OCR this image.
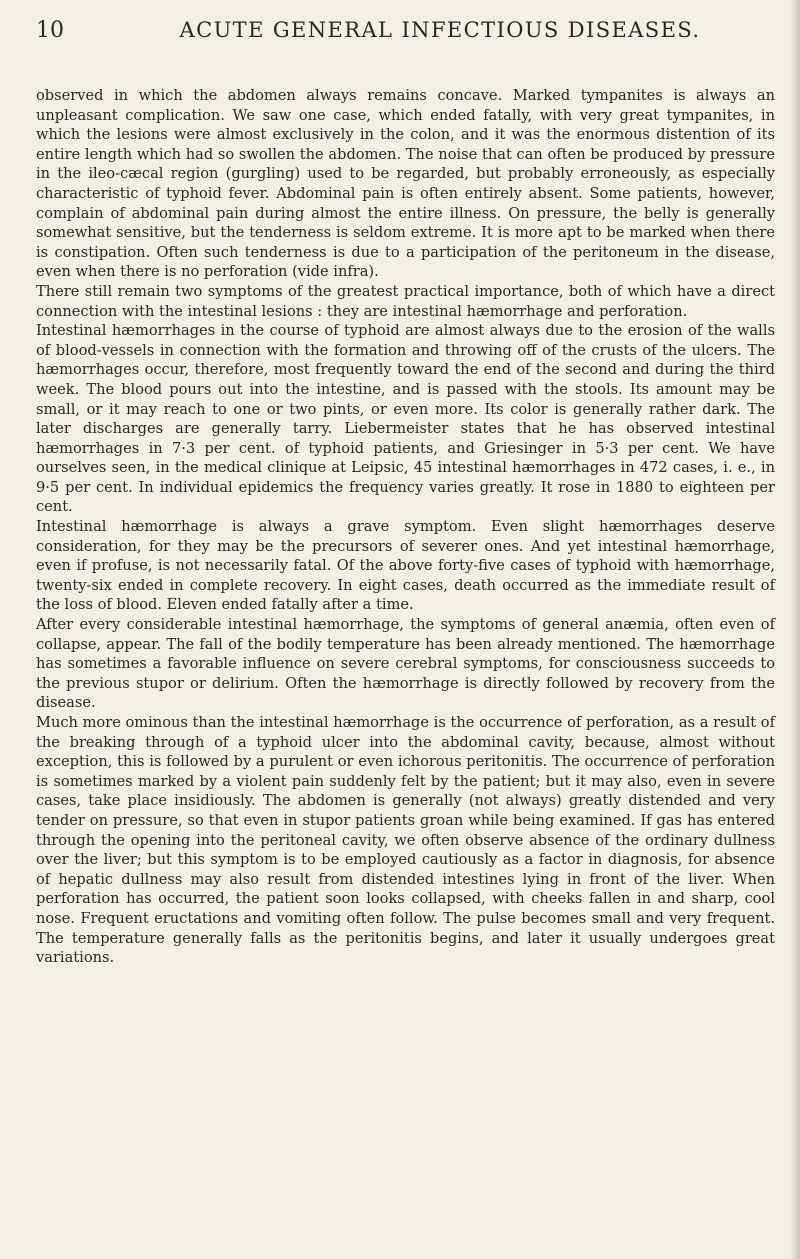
10	ACUTE GENERAL INFECTIOUS DISEASES.

observed in which the abdomen always remains concave. Marked tympanites is always an unpleasant complication. We saw one case, which ended fatally, with very great tympanites, in which the lesions were almost exclusively in the colon, and it was the enormous distention of its entire length which had so swollen the abdomen. The noise that can often be produced by pressure in the ileo-cæcal region (gurgling) used to be regarded, but probably erroneously, as especially characteristic of typhoid fever. Abdominal pain is often entirely absent. Some patients, however, complain of abdominal pain during almost the entire illness. On pressure, the belly is generally somewhat sensitive, but the tenderness is seldom extreme. It is more apt to be marked when there is constipation. Often such tenderness is due to a participation of the peritoneum in the disease, even when there is no perforation (vide infra).

There still remain two symptoms of the greatest practical importance, both of which have a direct connection with the intestinal lesions : they are intestinal hæmorrhage and perforation.

Intestinal hæmorrhages in the course of typhoid are almost always due to the erosion of the walls of blood-vessels in connection with the formation and throwing off of the crusts of the ulcers. The hæmorrhages occur, therefore, most frequently toward the end of the second and during the third week. The blood pours out into the intestine, and is passed with the stools. Its amount may be small, or it may reach to one or two pints, or even more. Its color is generally rather dark. The later discharges are generally tarry. Liebermeister states that he has observed intestinal hæmorrhages in 7·3 per cent. of typhoid patients, and Griesinger in 5·3 per cent. We have ourselves seen, in the medical clinique at Leipsic, 45 intestinal hæmorrhages in 472 cases, i. e., in 9·5 per cent. In individual epidemics the frequency varies greatly. It rose in 1880 to eighteen per cent.

Intestinal hæmorrhage is always a grave symptom. Even slight hæmorrhages deserve consideration, for they may be the precursors of severer ones. And yet intestinal hæmorrhage, even if profuse, is not necessarily fatal. Of the above forty-five cases of typhoid with hæmorrhage, twenty-six ended in complete recovery. In eight cases, death occurred as the immediate result of the loss of blood. Eleven ended fatally after a time.

After every considerable intestinal hæmorrhage, the symptoms of general anæmia, often even of collapse, appear. The fall of the bodily temperature has been already mentioned. The hæmorrhage has sometimes a favorable influence on severe cerebral symptoms, for consciousness succeeds to the previous stupor or delirium. Often the hæmorrhage is directly followed by recovery from the disease.

Much more ominous than the intestinal hæmorrhage is the occurrence of perforation, as a result of the breaking through of a typhoid ulcer into the abdominal cavity, because, almost without exception, this is followed by a purulent or even ichorous peritonitis. The occurrence of perforation is sometimes marked by a violent pain suddenly felt by the patient; but it may also, even in severe cases, take place insidiously. The abdomen is generally (not always) greatly distended and very tender on pressure, so that even in stupor patients groan while being examined. If gas has entered through the opening into the peritoneal cavity, we often observe absence of the ordinary dullness over the liver; but this symptom is to be employed cautiously as a factor in diagnosis, for absence of hepatic dullness may also result from distended intestines lying in front of the liver. When perforation has occurred, the patient soon looks collapsed, with cheeks fallen in and sharp, cool nose. Frequent eructations and vomiting often follow. The pulse becomes small and very frequent. The temperature generally falls as the peritonitis begins, and later it usually undergoes great variations.
